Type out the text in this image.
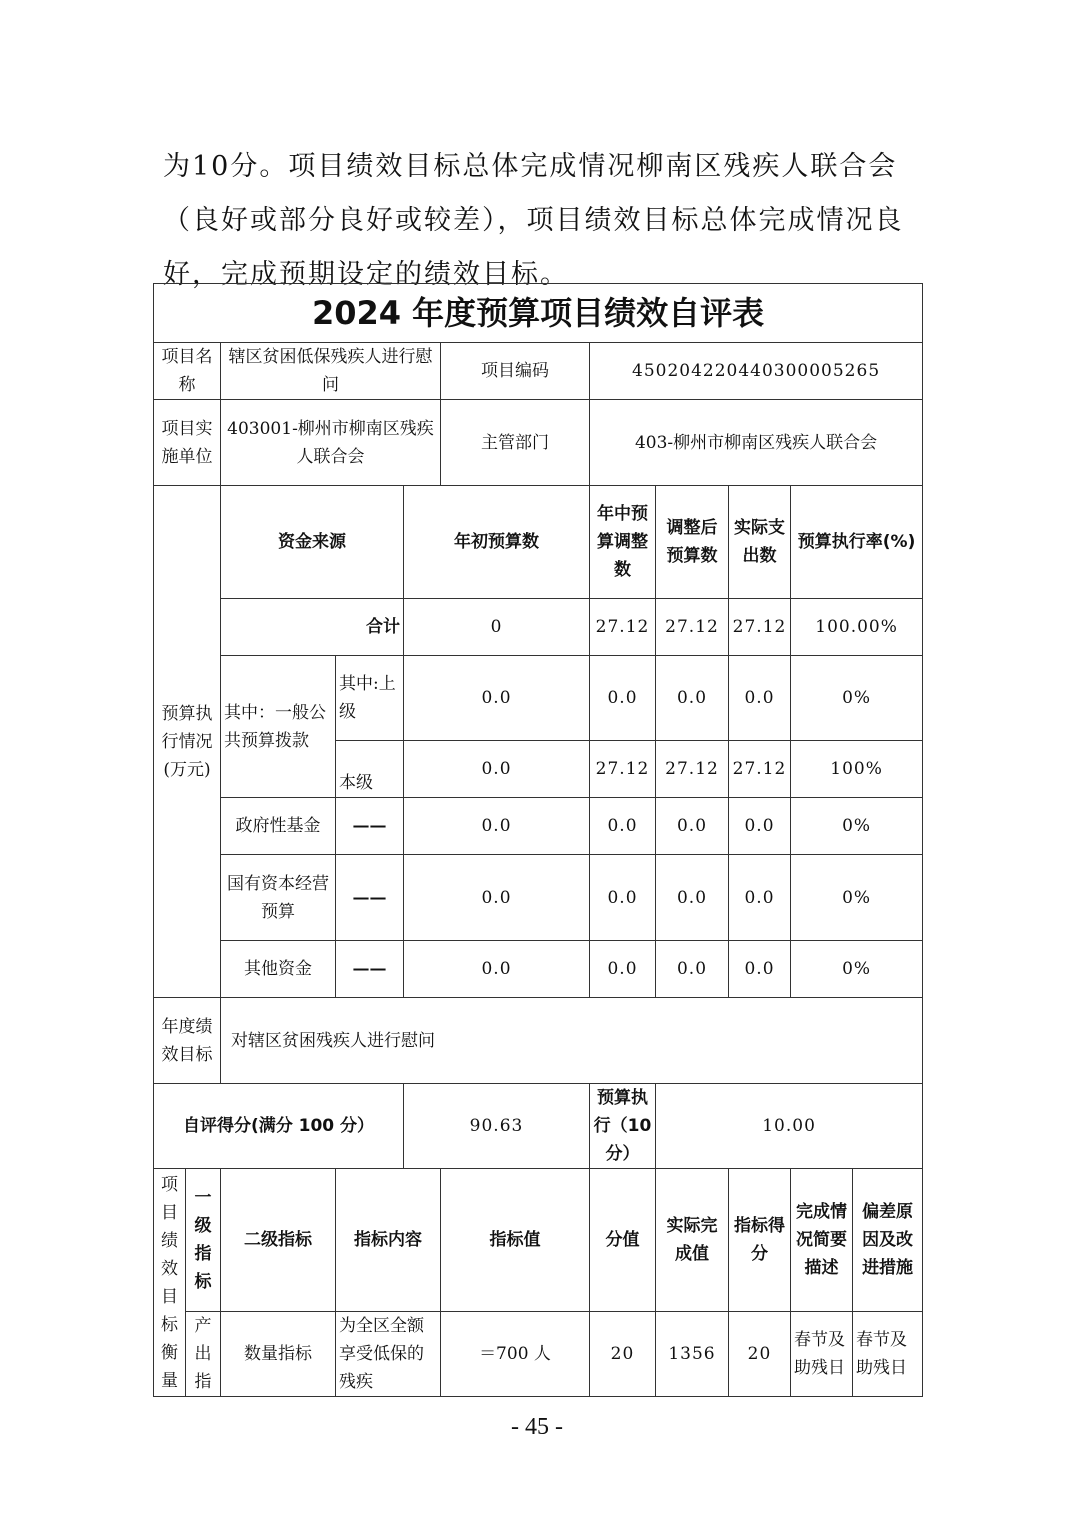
为10分。项目绩效目标总体完成情况柳南区残疾人联合会

（良好或部分良好或较差），项目绩效目标总体完成情况良

好，完成预期设定的绩效目标。

2024 年度预算项目绩效自评表										
项目名称		辖区贫困低保残疾人进行慰问			项目编码	450204220440300005265				
项目实施单位		403001-柳州市柳南区残疾人联合会			主管部门	403-柳州市柳南区残疾人联合会				
预算执行情况(万元)		资金来源		年初预算数		年中预算调整数	调整后预算数	实际支出数	预算执行率(%)	
		合计		0		27.12	27.12	27.12	100.00%	
		其中：一般公共预算拨款	其中:上级	0.0		0.0	0.0	0.0	0%	
			本级	0.0		27.12	27.12	27.12	100%	
		政府性基金	——	0.0		0.0	0.0	0.0	0%	
		国有资本经营预算	——	0.0		0.0	0.0	0.0	0%	
		其他资金	——	0.0		0.0	0.0	0.0	0%	
年度绩效目标		对辖区贫困残疾人进行慰问								
自评得分(满分 100 分）				90.63		预算执行（10 分）	10.00			
项目绩效目标衡量	一级指标	二级指标	指标内容		指标值	分值	实际完成值	指标得分	完成情况简要描述	偏差原因及改进措施
	产出指	数量指标	为全区全额享受低保的残疾		＝700 人	20	1356	20	春节及助残日	春节及助残日
- 45 -
